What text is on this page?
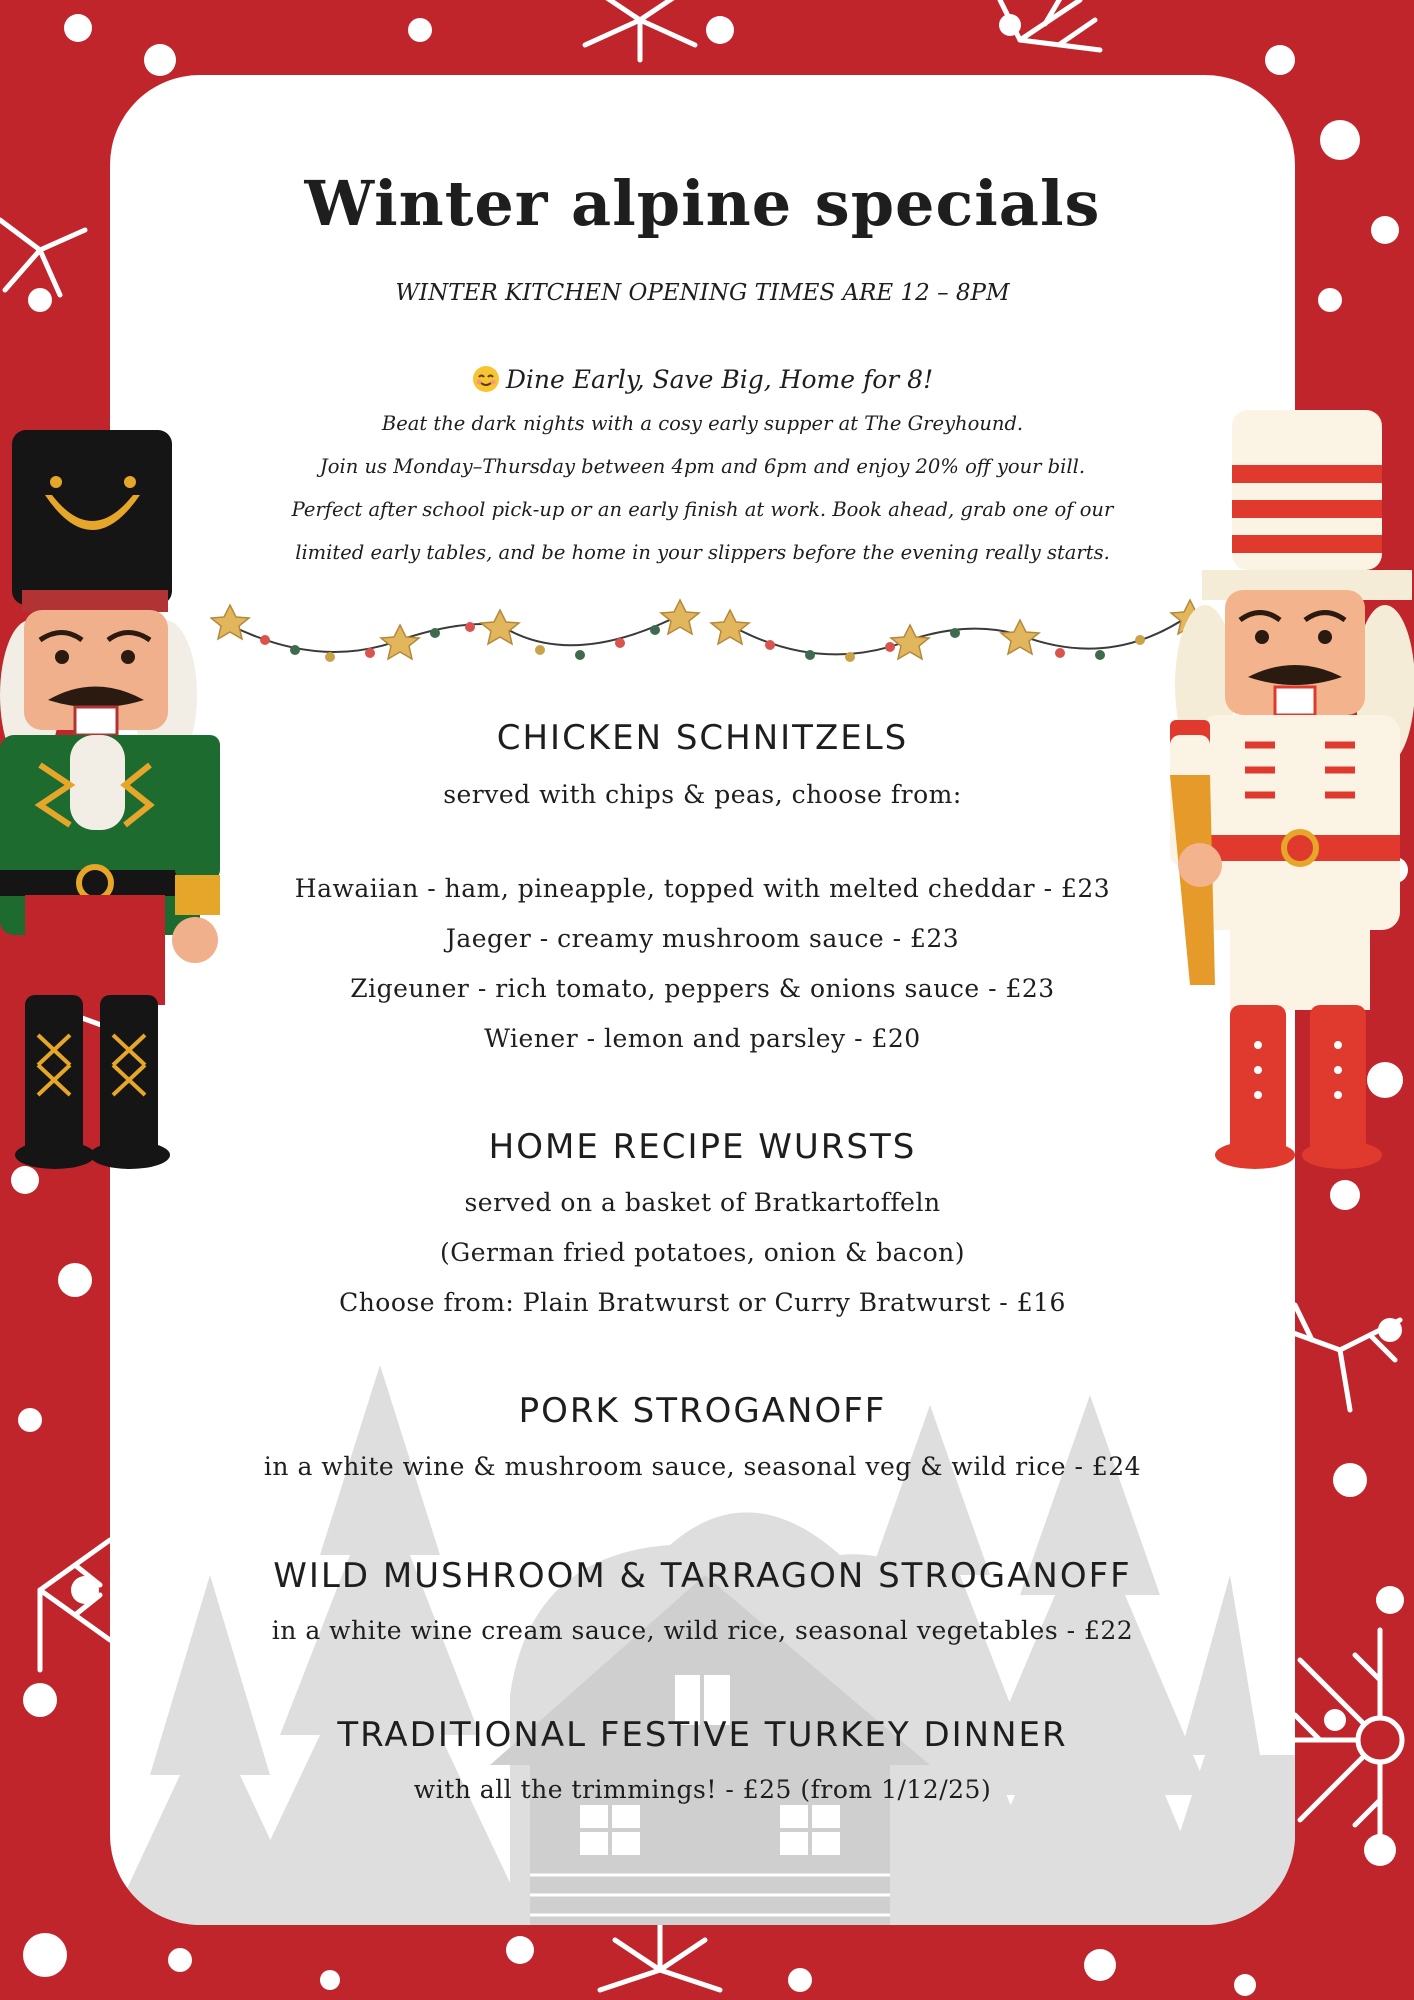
Winter alpine specials
WINTER KITCHEN OPENING TIMES ARE 12 – 8PM
Dine Early, Save Big, Home for 8!
Beat the dark nights with a cosy early supper at The Greyhound.
Join us Monday–Thursday between 4pm and 6pm and enjoy 20% off your bill.
Perfect after school pick-up or an early finish at work. Book ahead, grab one of our
limited early tables, and be home in your slippers before the evening really starts.
CHICKEN SCHNITZELS
served with chips & peas, choose from:
Hawaiian - ham, pineapple, topped with melted cheddar - £23
Jaeger - creamy mushroom sauce - £23
Zigeuner - rich tomato, peppers & onions sauce - £23
Wiener - lemon and parsley - £20
HOME RECIPE WURSTS
served on a basket of Bratkartoffeln
(German fried potatoes, onion & bacon)
Choose from: Plain Bratwurst or Curry Bratwurst - £16
PORK STROGANOFF
in a white wine & mushroom sauce, seasonal veg & wild rice - £24
WILD MUSHROOM & TARRAGON STROGANOFF
in a white wine cream sauce, wild rice, seasonal vegetables - £22
TRADITIONAL FESTIVE TURKEY DINNER
with all the trimmings! - £25 (from 1/12/25)
